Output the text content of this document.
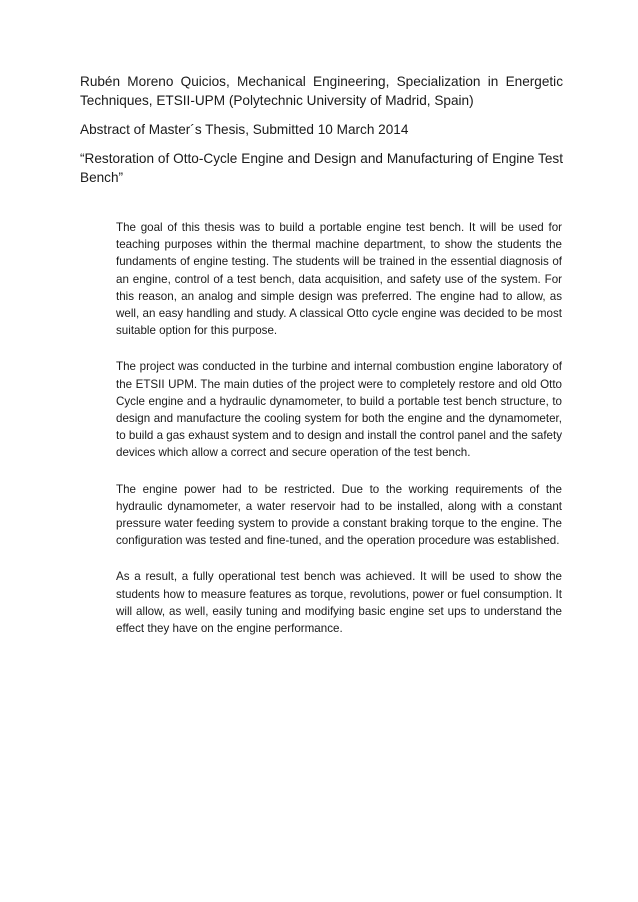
Rubén Moreno Quicios, Mechanical Engineering, Specialization in Energetic Techniques, ETSII-UPM (Polytechnic University of Madrid, Spain)

Abstract of Master´s Thesis, Submitted 10 March 2014

“Restoration of Otto-Cycle Engine and Design and Manufacturing of Engine Test Bench”

The goal of this thesis was to build a portable engine test bench. It will be used for teaching purposes within the thermal machine department, to show the students the fundaments of engine testing. The students will be trained in the essential diagnosis of an engine, control of a test bench, data acquisition, and safety use of the system. For this reason, an analog and simple design was preferred. The engine had to allow, as well, an easy handling and study. A classical Otto cycle engine was decided to be most suitable option for this purpose.

The project was conducted in the turbine and internal combustion engine laboratory of the ETSII UPM. The main duties of the project were to completely restore and old Otto Cycle engine and a hydraulic dynamometer, to build a portable test bench structure, to design and manufacture the cooling system for both the engine and the dynamometer, to build a gas exhaust system and to design and install the control panel and the safety devices which allow a correct and secure operation of the test bench.

The engine power had to be restricted. Due to the working requirements of the hydraulic dynamometer, a water reservoir had to be installed, along with a constant pressure water feeding system to provide a constant braking torque to the engine. The configuration was tested and fine-tuned, and the operation procedure was established.

As a result, a fully operational test bench was achieved. It will be used to show the students how to measure features as torque, revolutions, power or fuel consumption. It will allow, as well, easily tuning and modifying basic engine set ups to understand the effect they have on the engine performance.
